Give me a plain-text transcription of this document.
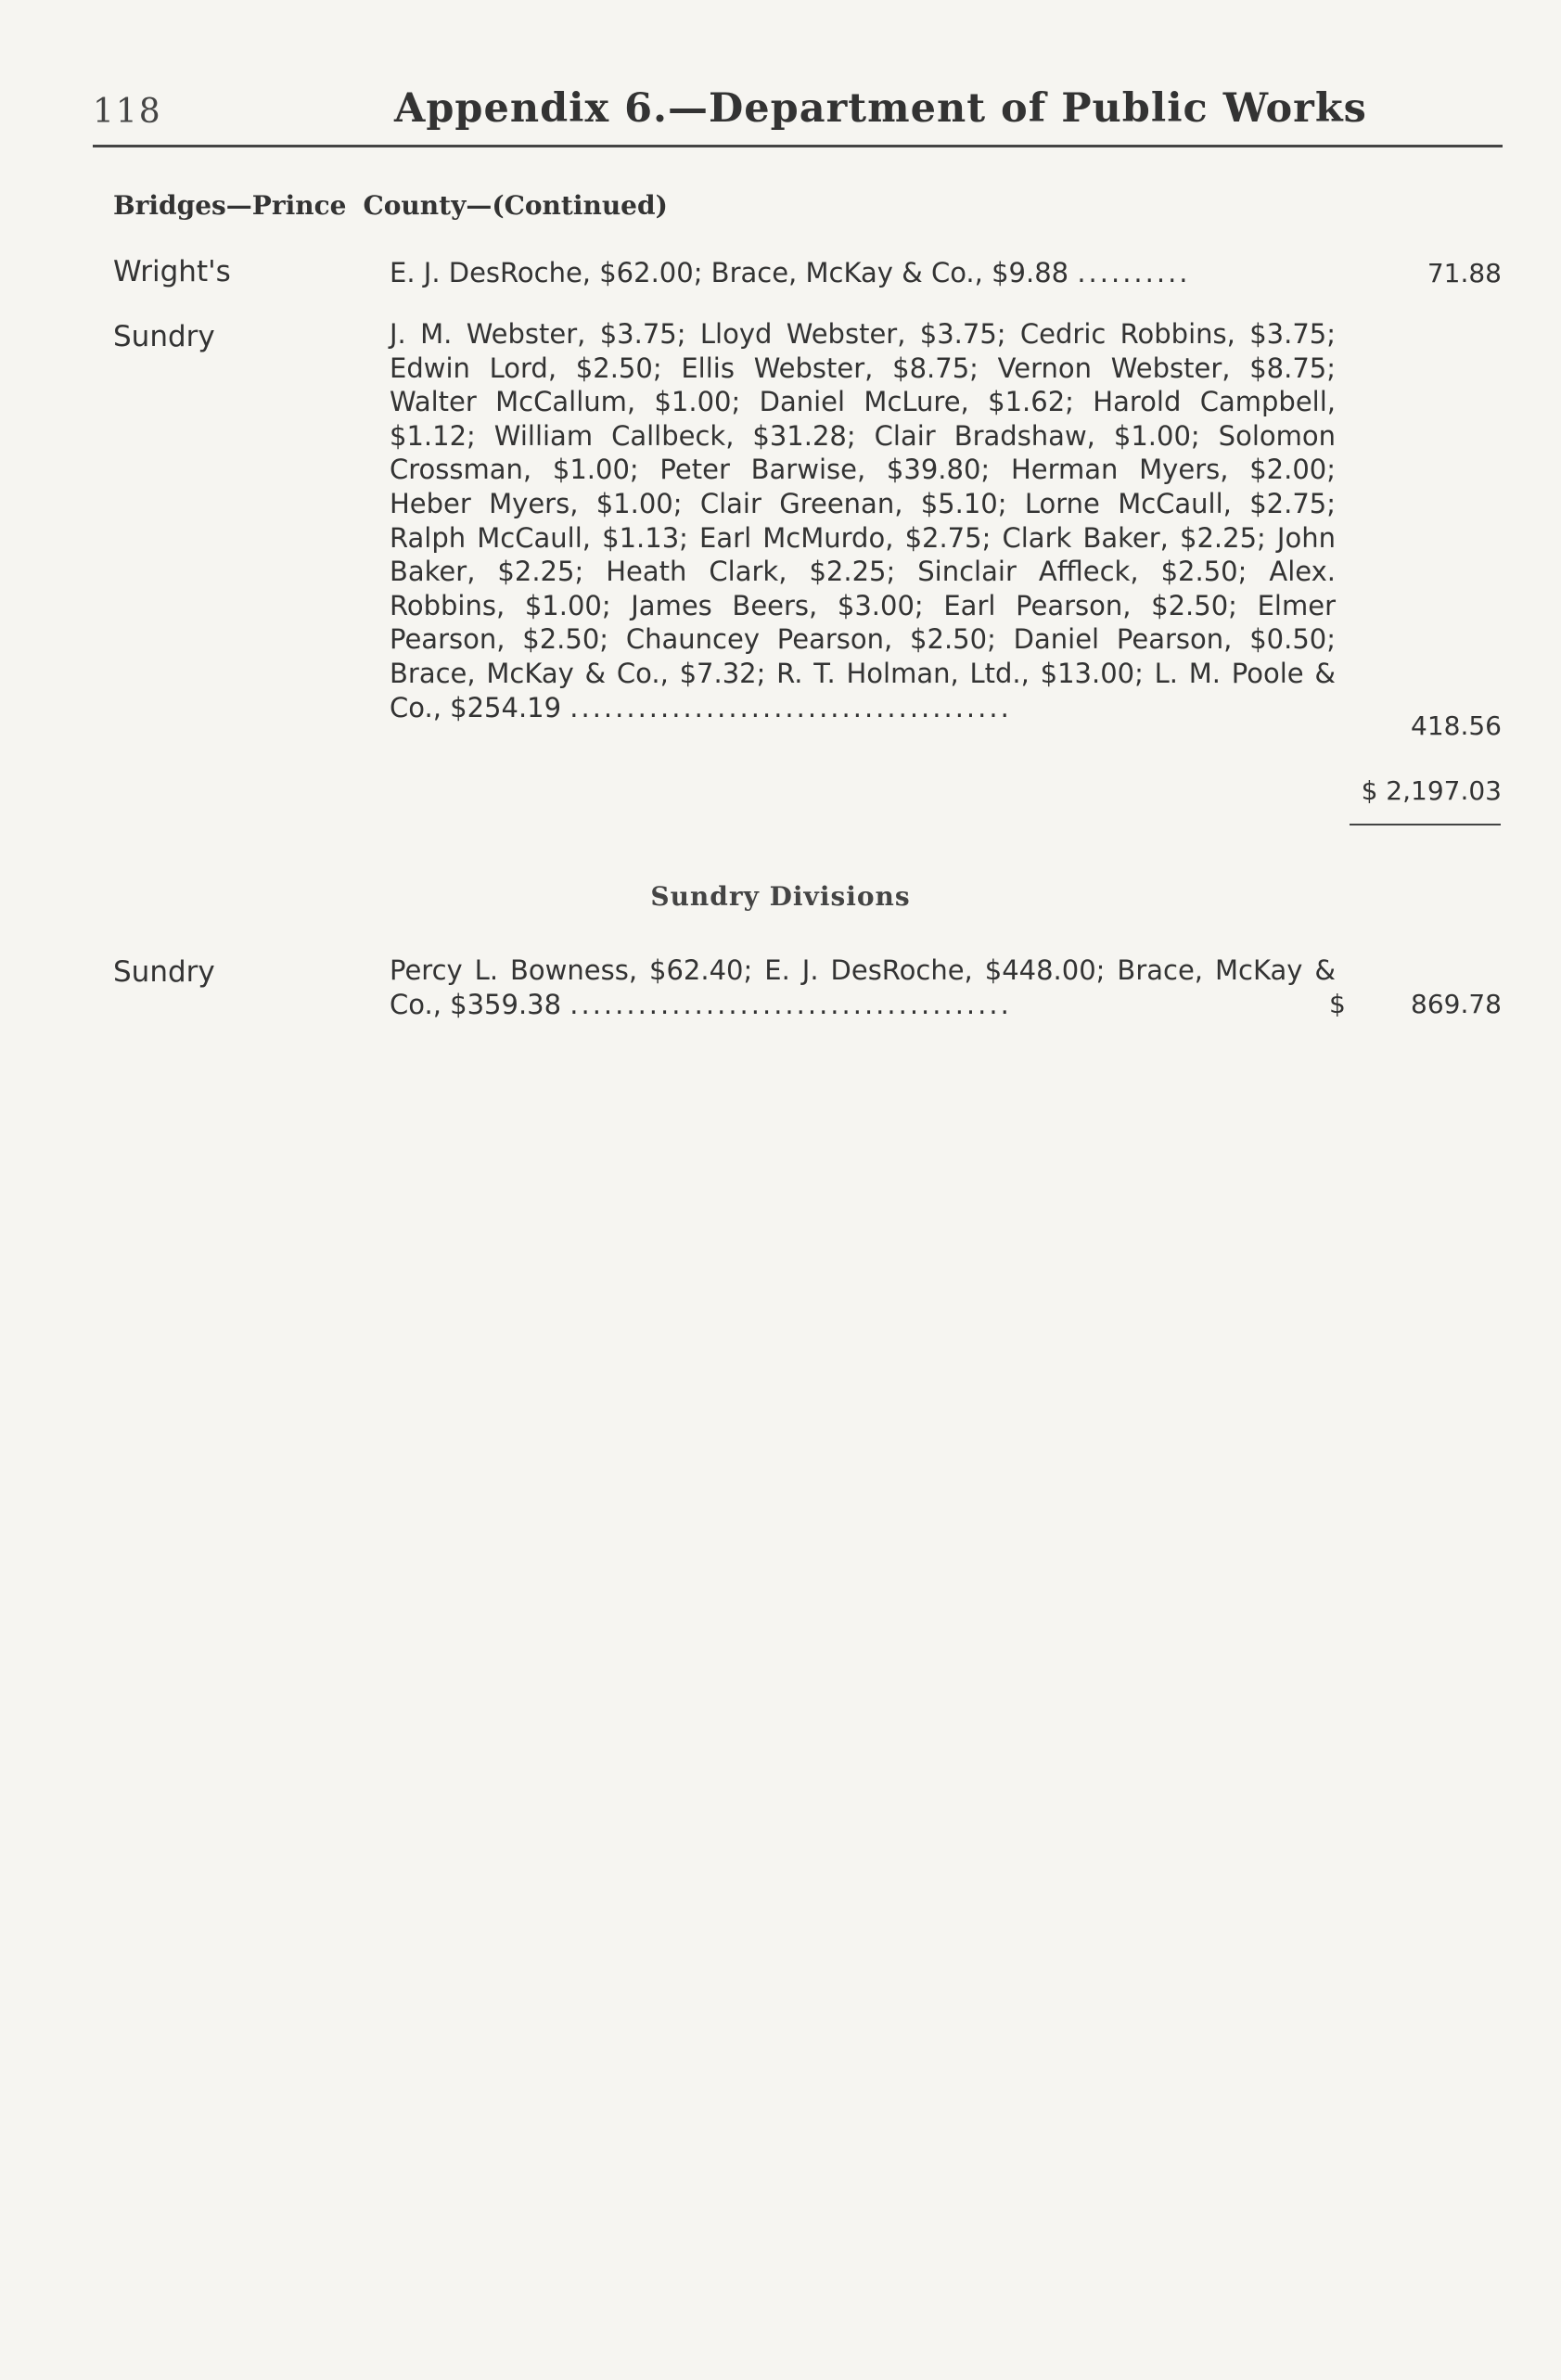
118	Appendix 6.—Department of Public Works
Bridges—Prince County—(Continued)
Wright's	E. J. DesRoche, $62.00; Brace, McKay & Co., $9.88 ..........	71.88
Sundry	J. M. Webster, $3.75; Lloyd Webster, $3.75; Cedric Robbins, $3.75; Edwin Lord, $2.50; Ellis Webster, $8.75; Vernon Webster, $8.75; Walter McCallum, $1.00; Daniel McLure, $1.62; Harold Campbell, $1.12; William Callbeck, $31.28; Clair Bradshaw, $1.00; Solomon Crossman, $1.00; Peter Barwise, $39.80; Herman Myers, $2.00; Heber Myers, $1.00; Clair Greenan, $5.10; Lorne McCaull, $2.75; Ralph McCaull, $1.13; Earl McMurdo, $2.75; Clark Baker, $2.25; John Baker, $2.25; Heath Clark, $2.25; Sinclair Affleck, $2.50; Alex. Robbins, $1.00; James Beers, $3.00; Earl Pearson, $2.50; Elmer Pearson, $2.50; Chauncey Pearson, $2.50; Daniel Pearson, $0.50; Brace, McKay & Co., $7.32; R. T. Holman, Ltd., $13.00; L. M. Poole & Co., $254.19 .......................................
418.56
$ 2,197.03
Sundry Divisions
Sundry	Percy L. Bowness, $62.40; E. J. DesRoche, $448.00; Brace, McKay & Co., $359.38 .......................................	869.78
$
